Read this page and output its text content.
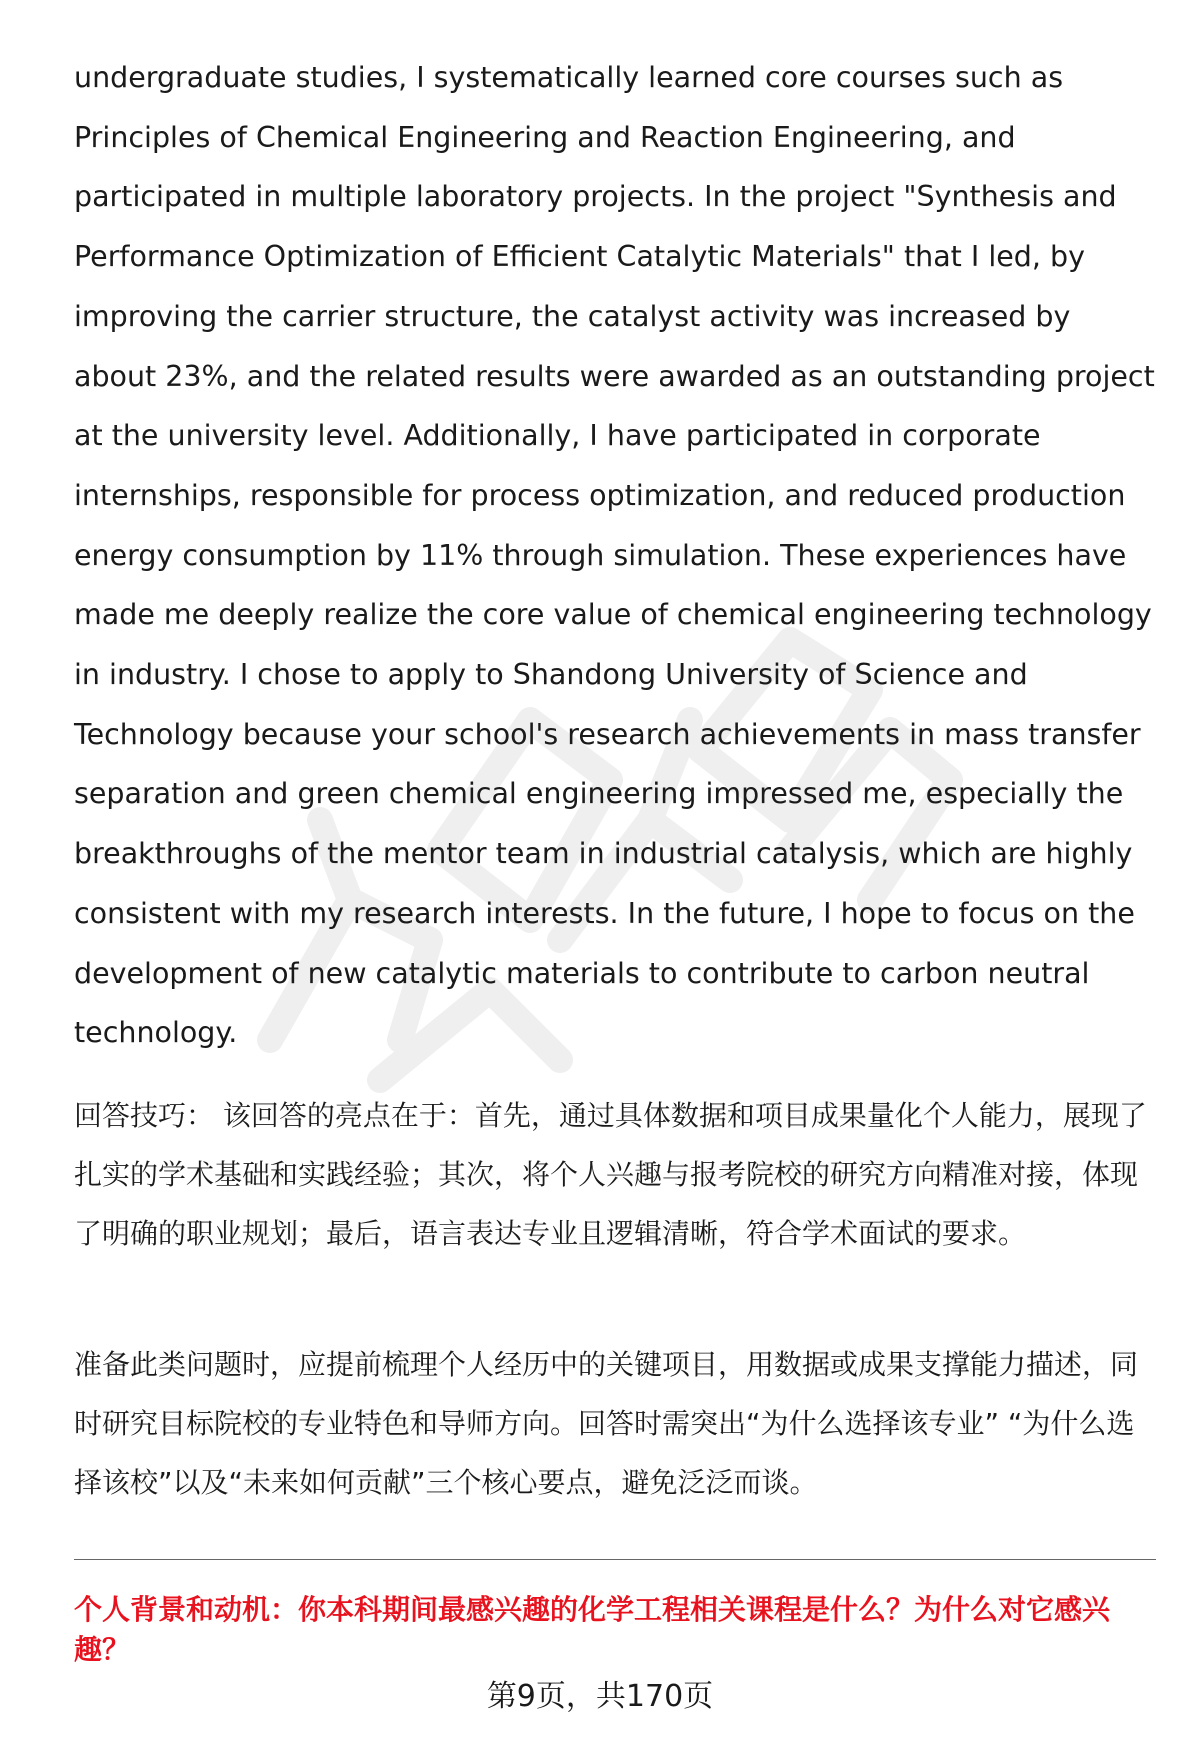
undergraduate studies, I systematically learned core courses such as Principles of Chemical Engineering and Reaction Engineering, and participated in multiple laboratory projects. In the project "Synthesis and Performance Optimization of Efficient Catalytic Materials" that I led, by improving the carrier structure, the catalyst activity was increased by about 23%, and the related results were awarded as an outstanding project at the university level. Additionally, I have participated in corporate internships, responsible for process optimization, and reduced production energy consumption by 11% through simulation. These experiences have made me deeply realize the core value of chemical engineering technology in industry. I chose to apply to Shandong University of Science and Technology because your school's research achievements in mass transfer separation and green chemical engineering impressed me, especially the breakthroughs of the mentor team in industrial catalysis, which are highly consistent with my research interests. In the future, I hope to focus on the development of new catalytic materials to contribute to carbon neutral technology.

回答技巧： 该回答的亮点在于：首先，通过具体数据和项目成果量化个人能力，展现了扎实的学术基础和实践经验；其次，将个人兴趣与报考院校的研究方向精准对接，体现了明确的职业规划；最后，语言表达专业且逻辑清晰，符合学术面试的要求。

准备此类问题时，应提前梳理个人经历中的关键项目，用数据或成果支撑能力描述，同时研究目标院校的专业特色和导师方向。回答时需突出“为什么选择该专业” “为什么选择该校”以及“未来如何贡献”三个核心要点，避免泛泛而谈。

个人背景和动机：你本科期间最感兴趣的化学工程相关课程是什么？为什么对它感兴趣？

第9页，共170页
